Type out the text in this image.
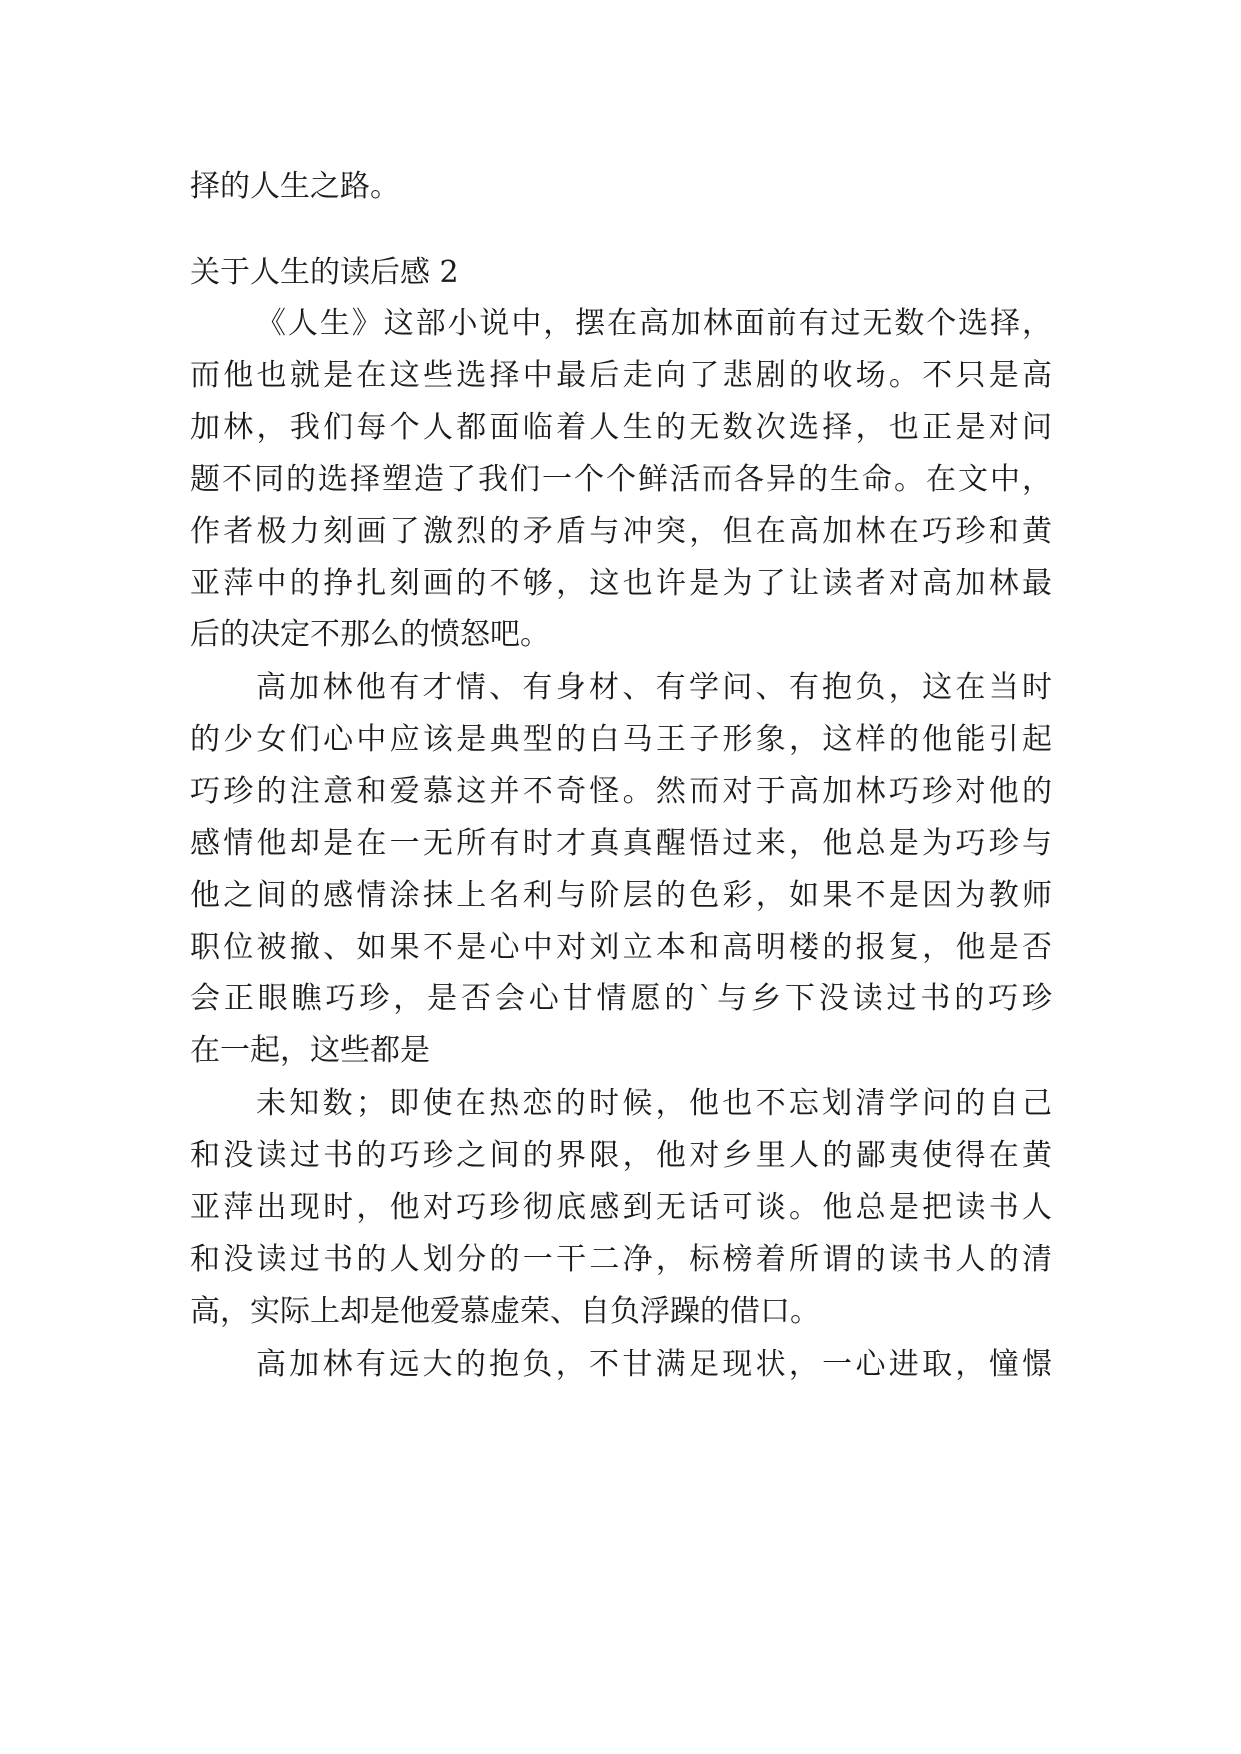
择的人生之路。
关于人生的读后感 2
《人生》这部小说中，摆在高加林面前有过无数个选择，
而他也就是在这些选择中最后走向了悲剧的收场。不只是高
加林，我们每个人都面临着人生的无数次选择，也正是对问
题不同的选择塑造了我们一个个鲜活而各异的生命。在文中，
作者极力刻画了激烈的矛盾与冲突，但在高加林在巧珍和黄
亚萍中的挣扎刻画的不够，这也许是为了让读者对高加林最
后的决定不那么的愤怒吧。
高加林他有才情、有身材、有学问、有抱负，这在当时
的少女们心中应该是典型的白马王子形象，这样的他能引起
巧珍的注意和爱慕这并不奇怪。然而对于高加林巧珍对他的
感情他却是在一无所有时才真真醒悟过来，他总是为巧珍与
他之间的感情涂抹上名利与阶层的色彩，如果不是因为教师
职位被撤、如果不是心中对刘立本和高明楼的报复，他是否
会正眼瞧巧珍，是否会心甘情愿的`与乡下没读过书的巧珍
在一起，这些都是
未知数；即使在热恋的时候，他也不忘划清学问的自己
和没读过书的巧珍之间的界限，他对乡里人的鄙夷使得在黄
亚萍出现时，他对巧珍彻底感到无话可谈。他总是把读书人
和没读过书的人划分的一干二净，标榜着所谓的读书人的清
高，实际上却是他爱慕虚荣、自负浮躁的借口。
高加林有远大的抱负，不甘满足现状，一心进取，憧憬
